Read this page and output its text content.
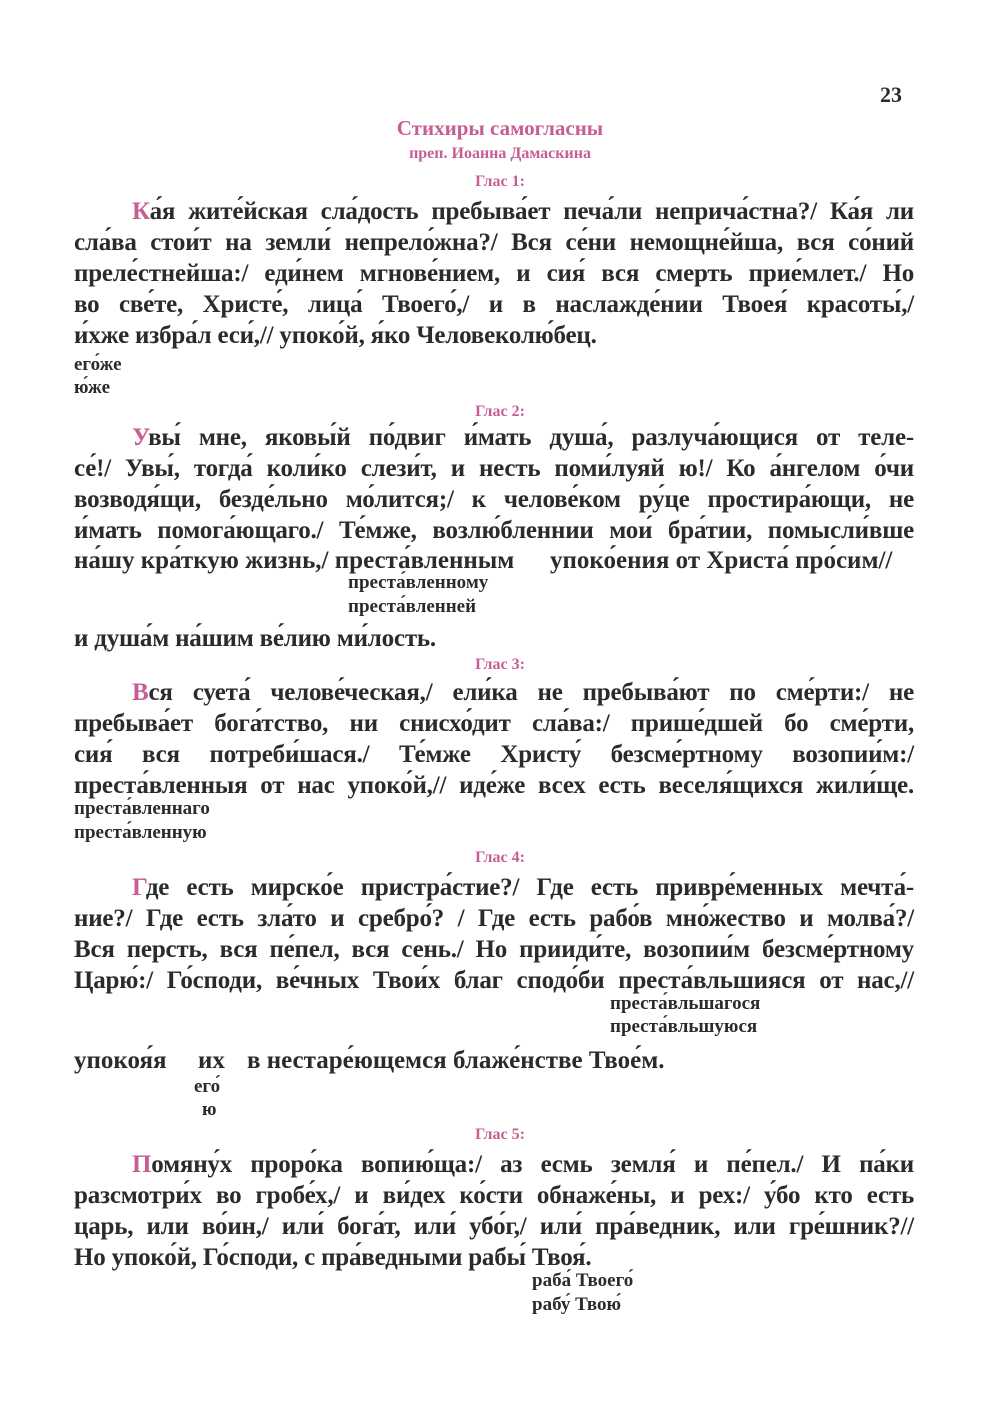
23
Стихиры самогласны
преп. Иоанна Дамаскина
Глас 1:
Ка́я жите́йская сла́дость пребыва́ет печа́ли неприча́стна?/ Ка́я ли
сла́ва стои́т на земли́ непрело́жна?/ Вся се́ни немощне́йша, вся со́ний
преле́стнейша:/ еди́нем мгнове́нием, и сия́ вся смерть прие́млет./ Но
во све́те, Христе́, лица́ Твоего́,/ и в наслажде́нии Твоея́ красоты́,/
и́хже избра́л еси́,// упоко́й, я́ко Человеколю́бец.
его́же
ю́же
Глас 2:
Увы́ мне, яковы́й по́двиг и́мать душа́, разлуча́ющися от теле-
се́!/ Увы́, тогда́ коли́ко слези́т, и несть поми́луяй ю!/ Ко а́нгелом о́чи
возводя́щи, безде́льно мо́лится;/ к челове́ком ру́це простира́ющи, не
и́мать помога́ющаго./ Те́мже, возлю́бленнии мои́ бра́тии, помысли́вше
на́шу кра́ткую жизнь,/ преста́вленным упоко́ения от Христа́ про́сим//
преста́вленному
преста́вленней
и душа́м на́шим ве́лию ми́лость.
Глас 3:
Вся суета́ челове́ческая,/ ели́ка не пребыва́ют по сме́рти:/ не
пребыва́ет бога́тство, ни снисхо́дит сла́ва:/ прише́дшей бо сме́рти,
сия́ вся потреби́шася./ Те́мже Христу́ безсме́ртному возопии́м:/
преста́вленныя от нас упоко́й,// иде́же всех есть веселя́щихся жили́ще.
преста́вленнаго
преста́вленную
Глас 4:
Где есть мирско́е пристра́стие?/ Где есть привре́менных мечта́-
ние?/ Где есть зла́то и сребро́? / Где есть рабо́в мно́жество и молва́?/
Вся персть, вся пе́пел, вся сень./ Но прииди́те, возопии́м безсме́ртному
Царю́:/ Го́споди, ве́чных Твои́х благ сподо́би преста́вльшияся от нас,//
преста́вльшагося
преста́вльшуюся
упокоя́я их в нестаре́ющемся блаже́нстве Твое́м.
его́
ю
Глас 5:
Помяну́х проро́ка вопию́ща:/ аз есмь земля́ и пе́пел./ И па́ки
разсмотри́х во гробе́х,/ и ви́дех ко́сти обнаже́ны, и рех:/ у́бо кто есть
царь, или во́ин,/ или́ бога́т, или́ убо́г,/ или́ пра́ведник, или гре́шник?//
Но упоко́й, Го́споди, с пра́ведными рабы́ Твоя́.
раба́ Твоего́
рабу́ Твою́
